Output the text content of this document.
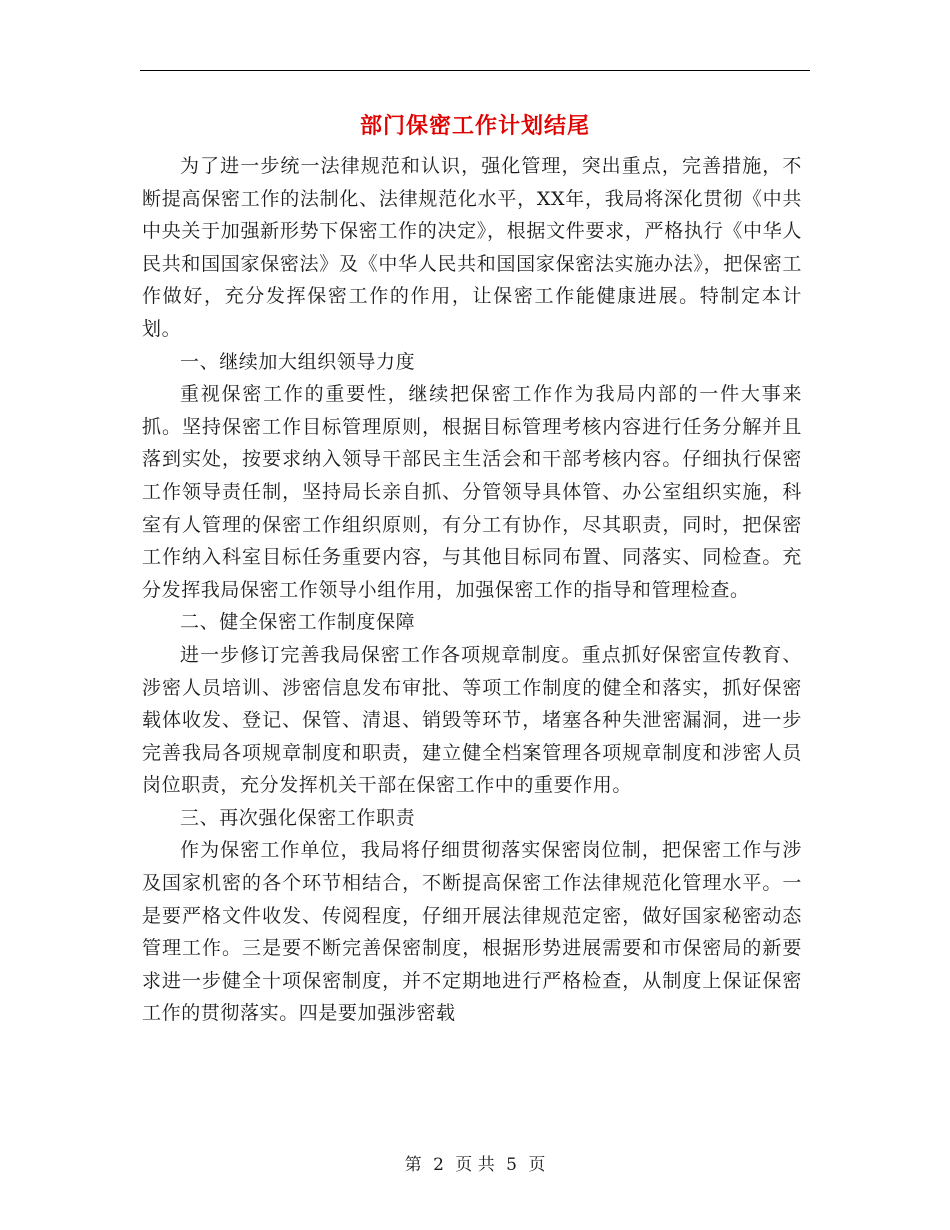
部门保密工作计划结尾

为了进一步统一法律规范和认识，强化管理，突出重点，完善措施，不断提高保密工作的法制化、法律规范化水平，XX年，我局将深化贯彻《中共中央关于加强新形势下保密工作的决定》，根据文件要求，严格执行《中华人民共和国国家保密法》及《中华人民共和国国家保密法实施办法》，把保密工作做好，充分发挥保密工作的作用，让保密工作能健康进展。特制定本计划。

一、继续加大组织领导力度

重视保密工作的重要性，继续把保密工作作为我局内部的一件大事来抓。坚持保密工作目标管理原则，根据目标管理考核内容进行任务分解并且落到实处，按要求纳入领导干部民主生活会和干部考核内容。仔细执行保密工作领导责任制，坚持局长亲自抓、分管领导具体管、办公室组织实施，科室有人管理的保密工作组织原则，有分工有协作，尽其职责，同时，把保密工作纳入科室目标任务重要内容，与其他目标同布置、同落实、同检查。充分发挥我局保密工作领导小组作用，加强保密工作的指导和管理检查。

二、健全保密工作制度保障

进一步修订完善我局保密工作各项规章制度。重点抓好保密宣传教育、涉密人员培训、涉密信息发布审批、等项工作制度的健全和落实，抓好保密载体收发、登记、保管、清退、销毁等环节，堵塞各种失泄密漏洞，进一步完善我局各项规章制度和职责，建立健全档案管理各项规章制度和涉密人员岗位职责，充分发挥机关干部在保密工作中的重要作用。

三、再次强化保密工作职责

作为保密工作单位，我局将仔细贯彻落实保密岗位制，把保密工作与涉及国家机密的各个环节相结合，不断提高保密工作法律规范化管理水平。一是要严格文件收发、传阅程度，仔细开展法律规范定密，做好国家秘密动态管理工作。三是要不断完善保密制度，根据形势进展需要和市保密局的新要求进一步健全十项保密制度，并不定期地进行严格检查，从制度上保证保密工作的贯彻落实。四是要加强涉密载

第 2 页 共 5 页
